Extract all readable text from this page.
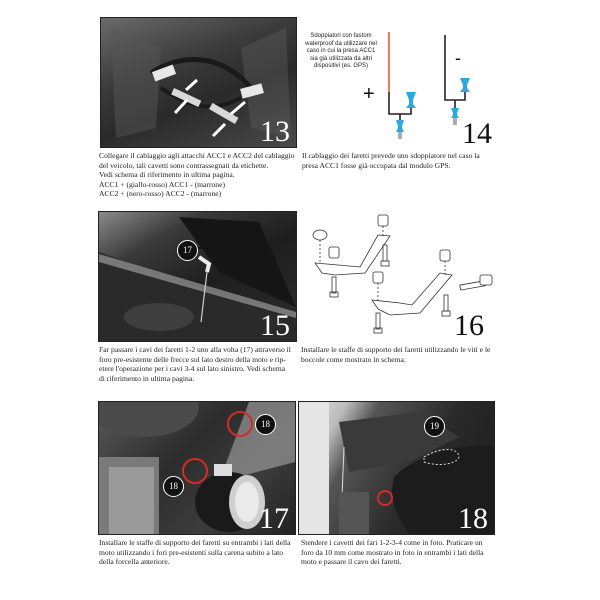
13
Collegare il cablaggio agli attacchi ACC1 e ACC2 del cablaggio
del veicolo, tali cavetti sono contrassegnati da etichette.
Vedi schema di riferimento in ultima pagina.
ACC1 + (giallo-rosso) ACC1 - (marrone)
ACC2 + (nero-rosso) ACC2 - (marrone)
Sdoppiatori con fastom waterproof da utilizzare nel caso in cui la presa ACC1 sia già utilizzata da altri dispositivi (es. GPS)
+
-
14
Il cablaggio dei faretti prevede uno sdoppiatore nel caso la
presa ACC1 fosse già occupata dal modulo GPS.
17
15
Far passare i cavi dei faretti 1-2 uno alla volta (17) attraverso il
foro pre-esistente delle frecce sul lato destro della moto e rip-
etere l'operazione per i cavi 3-4 sul lato sinistro. Vedi schema
di riferimento in ultima pagina.
16
Installare le staffe di supporto dei faretti utilizzando le viti e le
boccole come mostrato in schema.
18
18
17
Installare le staffe di supporto dei faretti su entrambi i lati della
moto utilizzando i fori pre-esistenti sulla carena subito a lato
della forcella anteriore.
19
18
Stendere i cavetti dei fari 1-2-3-4 come in foto. Praticare un
foro da 10 mm come mostrato in foto in entrambi i lati della
moto e passare il cavo dei faretti.
